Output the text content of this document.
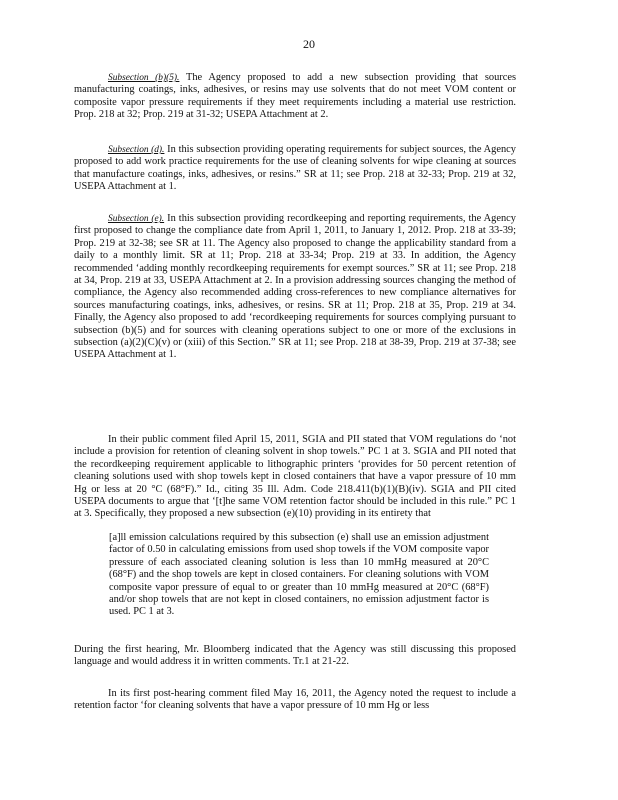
20
Subsection (b)(5). The Agency proposed to add a new subsection providing that sources manufacturing coatings, inks, adhesives, or resins may use solvents that do not meet VOM content or composite vapor pressure requirements if they meet requirements including a material use restriction. Prop. 218 at 32; Prop. 219 at 31-32; USEPA Attachment at 2.
Subsection (d). In this subsection providing operating requirements for subject sources, the Agency proposed to add work practice requirements for the use of cleaning solvents for wipe cleaning at sources that manufacture coatings, inks, adhesives, or resins.” SR at 11; see Prop. 218 at 32-33; Prop. 219 at 32, USEPA Attachment at 1.
Subsection (e). In this subsection providing recordkeeping and reporting requirements, the Agency first proposed to change the compliance date from April 1, 2011, to January 1, 2012. Prop. 218 at 33-39; Prop. 219 at 32-38; see SR at 11. The Agency also proposed to change the applicability standard from a daily to a monthly limit. SR at 11; Prop. 218 at 33-34; Prop. 219 at 33. In addition, the Agency recommended ‘adding monthly recordkeeping requirements for exempt sources.” SR at 11; see Prop. 218 at 34, Prop. 219 at 33, USEPA Attachment at 2. In a provision addressing sources changing the method of compliance, the Agency also recommended adding cross-references to new compliance alternatives for sources manufacturing coatings, inks, adhesives, or resins. SR at 11; Prop. 218 at 35, Prop. 219 at 34. Finally, the Agency also proposed to add ‘recordkeeping requirements for sources complying pursuant to subsection (b)(5) and for sources with cleaning operations subject to one or more of the exclusions in subsection (a)(2)(C)(v) or (xiii) of this Section.” SR at 11; see Prop. 218 at 38-39, Prop. 219 at 37-38; see USEPA Attachment at 1.
In their public comment filed April 15, 2011, SGIA and PII stated that VOM regulations do ‘not include a provision for retention of cleaning solvent in shop towels.” PC 1 at 3. SGIA and PII noted that the recordkeeping requirement applicable to lithographic printers ‘provides for 50 percent retention of cleaning solutions used with shop towels kept in closed containers that have a vapor pressure of 10 mm Hg or less at 20 °C (68°F).” Id., citing 35 Ill. Adm. Code 218.411(b)(1)(B)(iv). SGIA and PII cited USEPA documents to argue that ‘[t]he same VOM retention factor should be included in this rule.” PC 1 at 3. Specifically, they proposed a new subsection (e)(10) providing in its entirety that
[a]ll emission calculations required by this subsection (e) shall use an emission adjustment factor of 0.50 in calculating emissions from used shop towels if the VOM composite vapor pressure of each associated cleaning solution is less than 10 mmHg measured at 20°C (68°F) and the shop towels are kept in closed containers. For cleaning solutions with VOM composite vapor pressure of equal to or greater than 10 mmHg measured at 20°C (68°F) and/or shop towels that are not kept in closed containers, no emission adjustment factor is used. PC 1 at 3.
During the first hearing, Mr. Bloomberg indicated that the Agency was still discussing this proposed language and would address it in written comments. Tr.1 at 21-22.
In its first post-hearing comment filed May 16, 2011, the Agency noted the request to include a retention factor ‘for cleaning solvents that have a vapor pressure of 10 mm Hg or less
